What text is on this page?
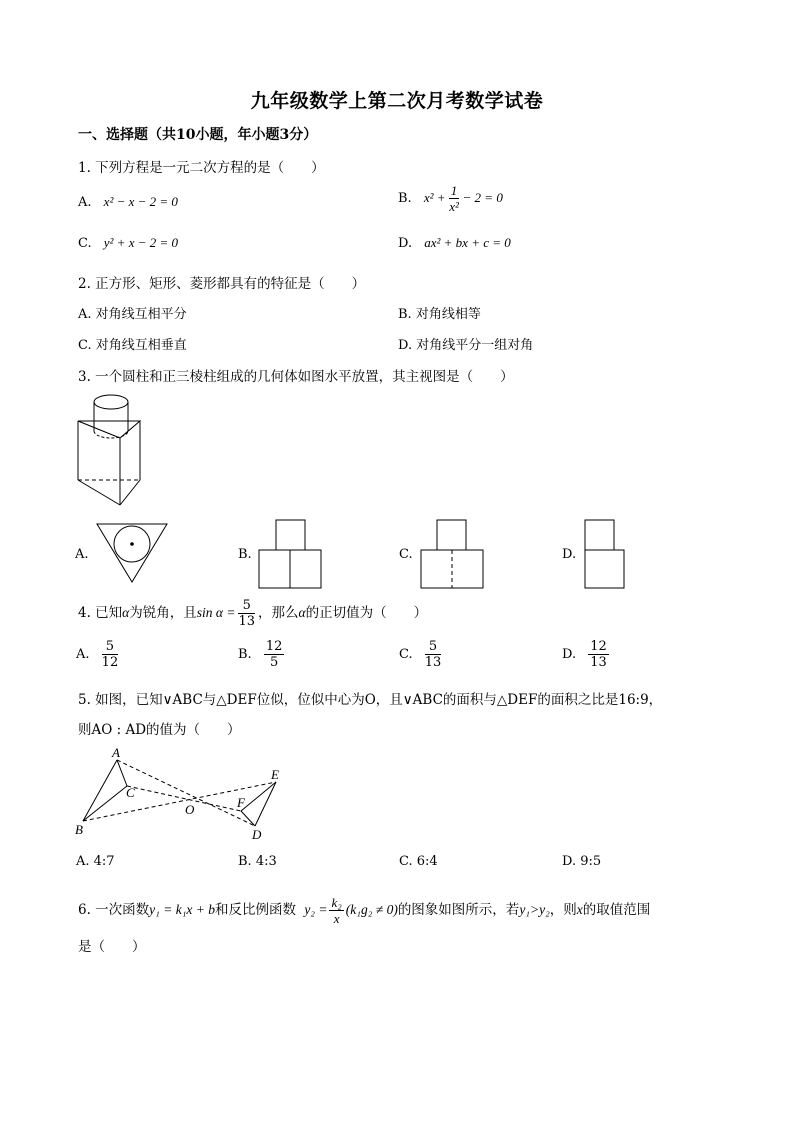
九年级数学上第二次月考数学试卷
一、选择题（共10小题，年小题3分）
1. 下列方程是一元二次方程的是（　　）
A. x² − x − 2 = 0	B. $x^2 + \frac{1}{\text{x²}} - 2 = 0$
C. y² + x − 2 = 0	D. ax² + bx + c = 0
2. 正方形、矩形、菱形都具有的特征是（　　）
A. 对角线互相平分	B. 对角线相等
C. 对角线互相垂直	D. 对角线平分一组对角
3. 一个圆柱和正三棱柱组成的几何体如图水平放置，其主视图是（　　）
A.	B.	C.	D.
4. 已知α为锐角，且$\sin \alpha = \frac{5}{13}$ ，那么α的正切值为（　　）
A. $\frac{5}{12}$	B. $\frac{12}{5}$	C. $\frac{5}{13}$	D. $\frac{12}{13}$
5. 如图，已知∨ABC与△DEF位似，位似中心为O，且∨ABC的面积与△DEF的面积之比是16:9，
则AO : AD的值为（　　）
A
B
C
O
E
F
D
A. 4:7	B. 4:3	C. 6:4	D. 9:5
6. 一次函数y₁ = k₁x + b和反比例函数 $y_2 = \frac{\text{k₂}}{x} (k_1g_2 \ne 0)$的图象如图所示，若y₁>y₂，则x的取值范围
是（　　）
